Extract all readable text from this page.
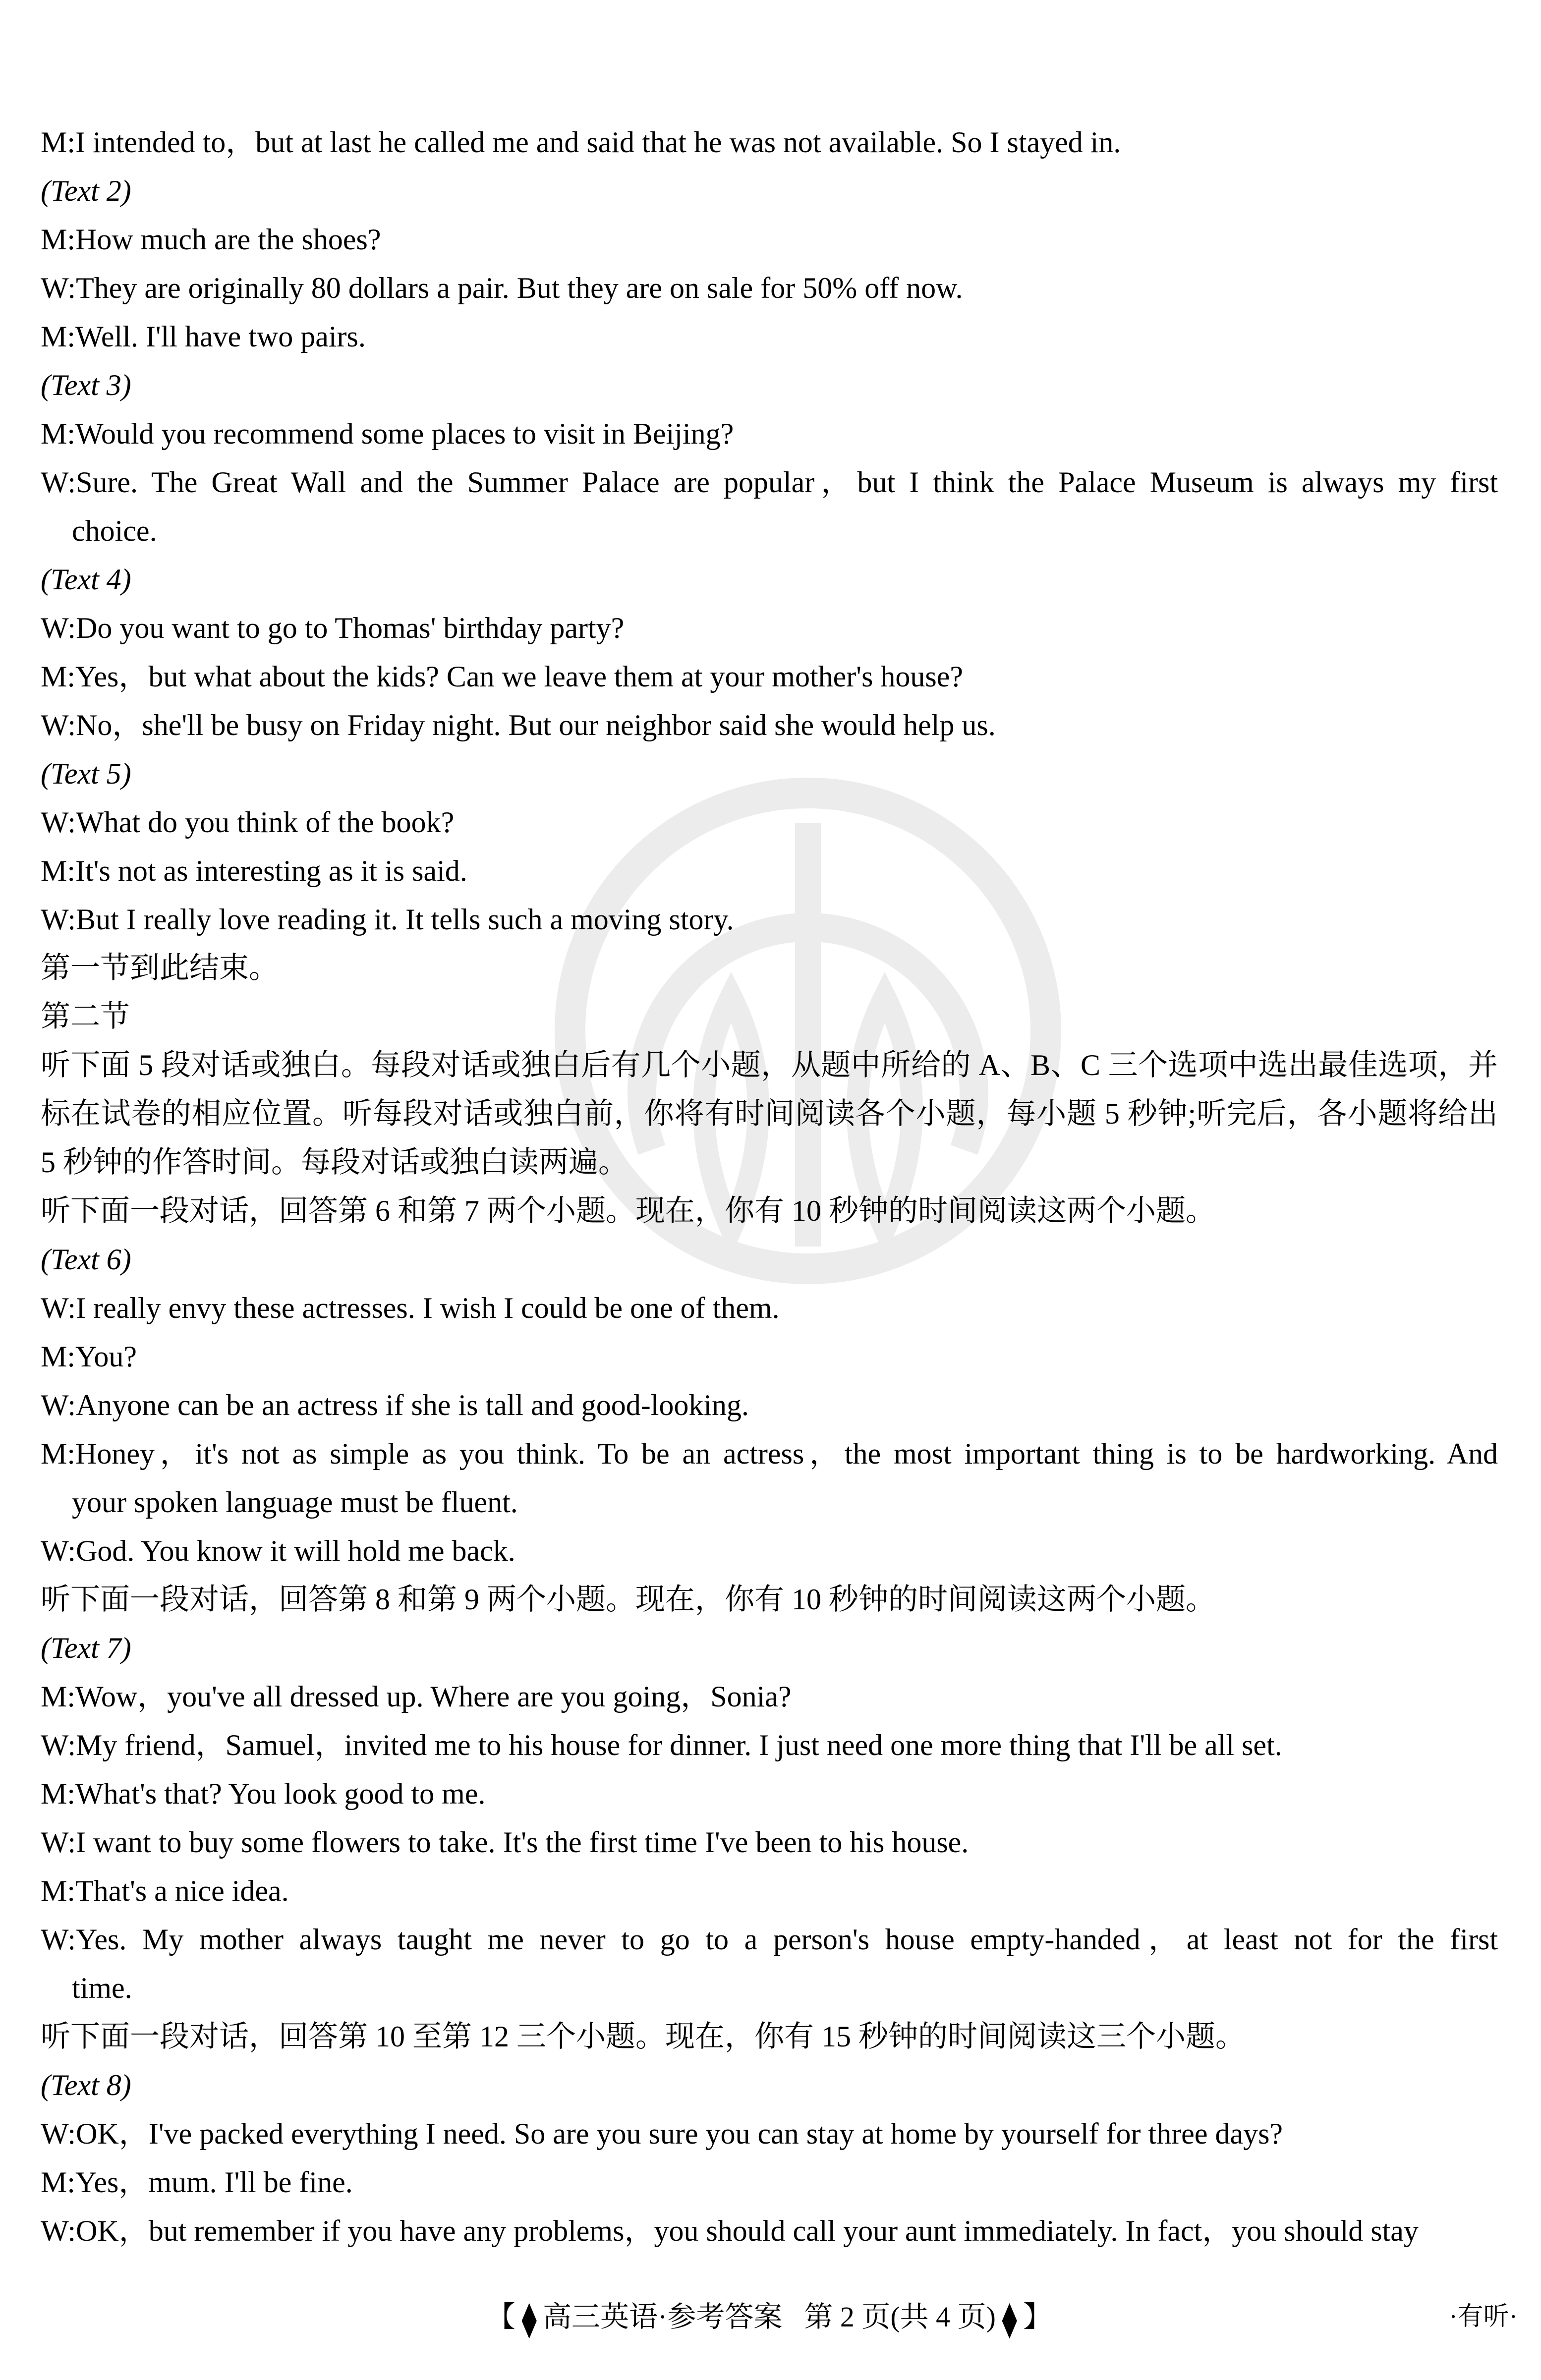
M:I intended to，but at last he called me and said that he was not available. So I stayed in.
(Text 2)
M:How much are the shoes?
W:They are originally 80 dollars a pair. But they are on sale for 50% off now.
M:Well. I'll have two pairs.
(Text 3)
M:Would you recommend some places to visit in Beijing?
W:Sure. The Great Wall and the Summer Palace are popular，but I think the Palace Museum is always my first
choice.
(Text 4)
W:Do you want to go to Thomas' birthday party?
M:Yes，but what about the kids? Can we leave them at your mother's house?
W:No，she'll be busy on Friday night. But our neighbor said she would help us.
(Text 5)
W:What do you think of the book?
M:It's not as interesting as it is said.
W:But I really love reading it. It tells such a moving story.
第一节到此结束。
第二节
听下面 5 段对话或独白。每段对话或独白后有几个小题，从题中所给的 A、B、C 三个选项中选出最佳选项，并
标在试卷的相应位置。听每段对话或独白前，你将有时间阅读各个小题，每小题 5 秒钟;听完后，各小题将给出
5 秒钟的作答时间。每段对话或独白读两遍。
听下面一段对话，回答第 6 和第 7 两个小题。现在，你有 10 秒钟的时间阅读这两个小题。
(Text 6)
W:I really envy these actresses. I wish I could be one of them.
M:You?
W:Anyone can be an actress if she is tall and good-looking.
M:Honey，it's not as simple as you think. To be an actress，the most important thing is to be hardworking. And
your spoken language must be fluent.
W:God. You know it will hold me back.
听下面一段对话，回答第 8 和第 9 两个小题。现在，你有 10 秒钟的时间阅读这两个小题。
(Text 7)
M:Wow，you've all dressed up. Where are you going，Sonia?
W:My friend，Samuel，invited me to his house for dinner. I just need one more thing that I'll be all set.
M:What's that? You look good to me.
W:I want to buy some flowers to take. It's the first time I've been to his house.
M:That's a nice idea.
W:Yes. My mother always taught me never to go to a person's house empty-handed，at least not for the first
time.
听下面一段对话，回答第 10 至第 12 三个小题。现在，你有 15 秒钟的时间阅读这三个小题。
(Text 8)
W:OK，I've packed everything I need. So are you sure you can stay at home by yourself for three days?
M:Yes，mum. I'll be fine.
W:OK，but remember if you have any problems，you should call your aunt immediately. In fact，you should stay
【 ◆ 高三英语·参考答案 第 2 页(共 4 页) ◆ 】	·有听·
